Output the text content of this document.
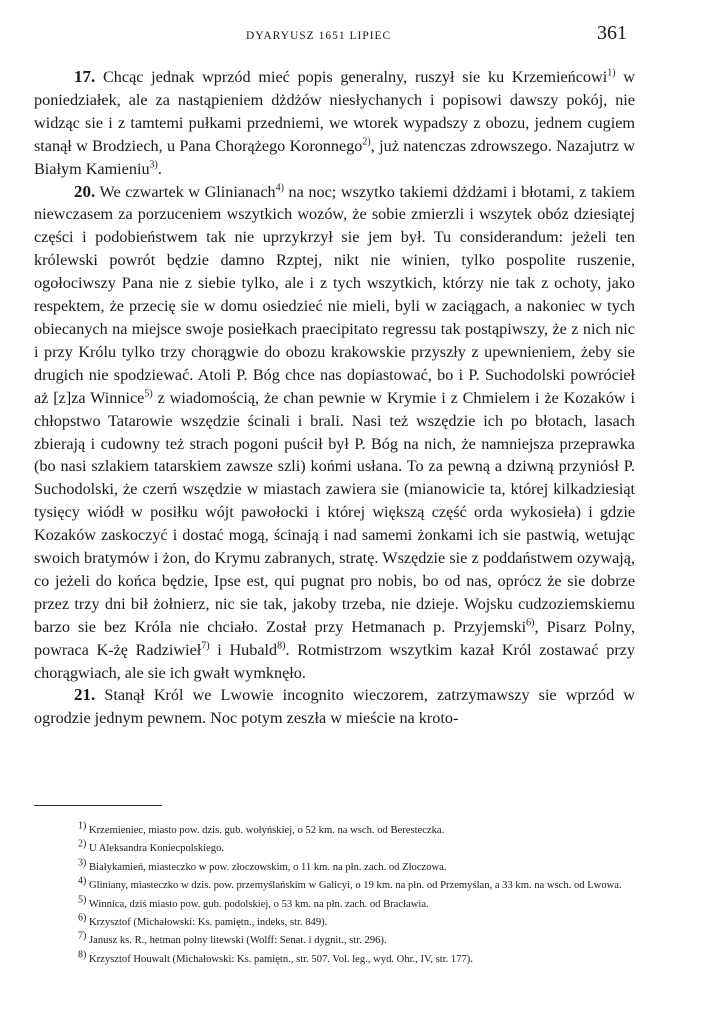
DYARYUSZ 1651 LIPIEC	361

17. Chcąc jednak wprzód mieć popis generalny, ruszył sie ku Krzemieńcowi$^{1)}$ w poniedziałek, ale za nastąpieniem dżdżów niesłychanych i popisowi dawszy pokój, nie widząc sie i z tamtemi pułkami przedniemi, we wtorek wypadszy z obozu, jednem cugiem stanął w Brodziech, u Pana Chorążego Koronnego$^{2)}$, już natenczas zdrowszego. Nazajutrz w Białym Kamieniu$^{3)}$.

20. We czwartek w Glinianach$^{4)}$ na noc; wszytko takiemi dżdżami i błotami, z takiem niewczasem za porzuceniem wszytkich wozów, że sobie zmierzli i wszytek obóz dziesiątej części i podobieństwem tak nie uprzykrzył sie jem był. Tu considerandum: jeżeli ten królewski powrót będzie damno Rzptej, nikt nie winien, tylko pospolite ruszenie, ogołociwszy Pana nie z siebie tylko, ale i z tych wszytkich, którzy nie tak z ochoty, jako respektem, że przecię sie w domu osiedzieć nie mieli, byli w zaciągach, a nakoniec w tych obiecanych na miejsce swoje posiełkach praecipitato regressu tak postąpiwszy, że z nich nic i przy Królu tylko trzy chorągwie do obozu krakowskie przyszły z upewnieniem, żeby sie drugich nie spodziewać. Atoli P. Bóg chce nas dopiastować, bo i P. Suchodolski powrócieł aż [z]za Winnice$^{5)}$ z wiadomością, że chan pewnie w Krymie i z Chmielem i że Kozaków i chłopstwo Tatarowie wszędzie ścinali i brali. Nasi też wszędzie ich po błotach, lasach zbierają i cudowny też strach pogoni puścił był P. Bóg na nich, że namniejsza przeprawka (bo nasi szlakiem tatarskiem zawsze szli) końmi usłana. To za pewną a dziwną przyniósł P. Suchodolski, że czerń wszędzie w miastach zawiera sie (mianowicie ta, której kilkadziesiąt tysięcy wiódł w posiłku wójt pawołocki i której większą część orda wykosieła) i gdzie Kozaków zaskoczyć i dostać mogą, ścinają i nad samemi żonkami ich sie pastwią, wetując swoich bratymów i żon, do Krymu zabranych, stratę. Wszędzie sie z poddaństwem ozywają, co jeżeli do końca będzie, Ipse est, qui pugnat pro nobis, bo od nas, oprócz że sie dobrze przez trzy dni bił żołnierz, nic sie tak, jakoby trzeba, nie dzieje. Wojsku cudzoziemskiemu barzo sie bez Króla nie chciało. Został przy Hetmanach p. Przyjemski$^{6)}$, Pisarz Polny, powraca K-żę Radziwieł$^{7)}$ i Hubald$^{8)}$. Rotmistrzom wszytkim kazał Król zostawać przy chorągwiach, ale sie ich gwałt wymknęło.

21. Stanął Król we Lwowie incognito wieczorem, zatrzymawszy sie wprzód w ogrodzie jednym pewnem. Noc potym zeszła w mieście na kroto-

$^{1)}$ Krzemieniec, miasto pow. dzis. gub. wołyńskiej, o 52 km. na wsch. od Beresteczka.

$^{2)}$ U Aleksandra Koniecpolskiego.

$^{3)}$ Białykamień, miasteczko w pow. złoczowskim, o 11 km. na płn. zach. od Złoczowa.

$^{4)}$ Gliniany, miasteczko w dzis. pow. przemyślańskim w Galicyi, o 19 km. na płn. od Przemyślan, a 33 km. na wsch. od Lwowa.

$^{5)}$ Winnica, dziś miasto pow. gub. podolskiej, o 53 km. na płn. zach. od Bracławia.

$^{6)}$ Krzysztof (Michałowski: Ks. pamiętn., indeks, str. 849).

$^{7)}$ Janusz ks. R., hetman polny litewski (Wolff: Senat. i dygnit., str. 296).

$^{8)}$ Krzysztof Houwalt (Michałowski: Ks. pamiętn., str. 507. Vol. leg., wyd. Ohr., IV, str. 177).
